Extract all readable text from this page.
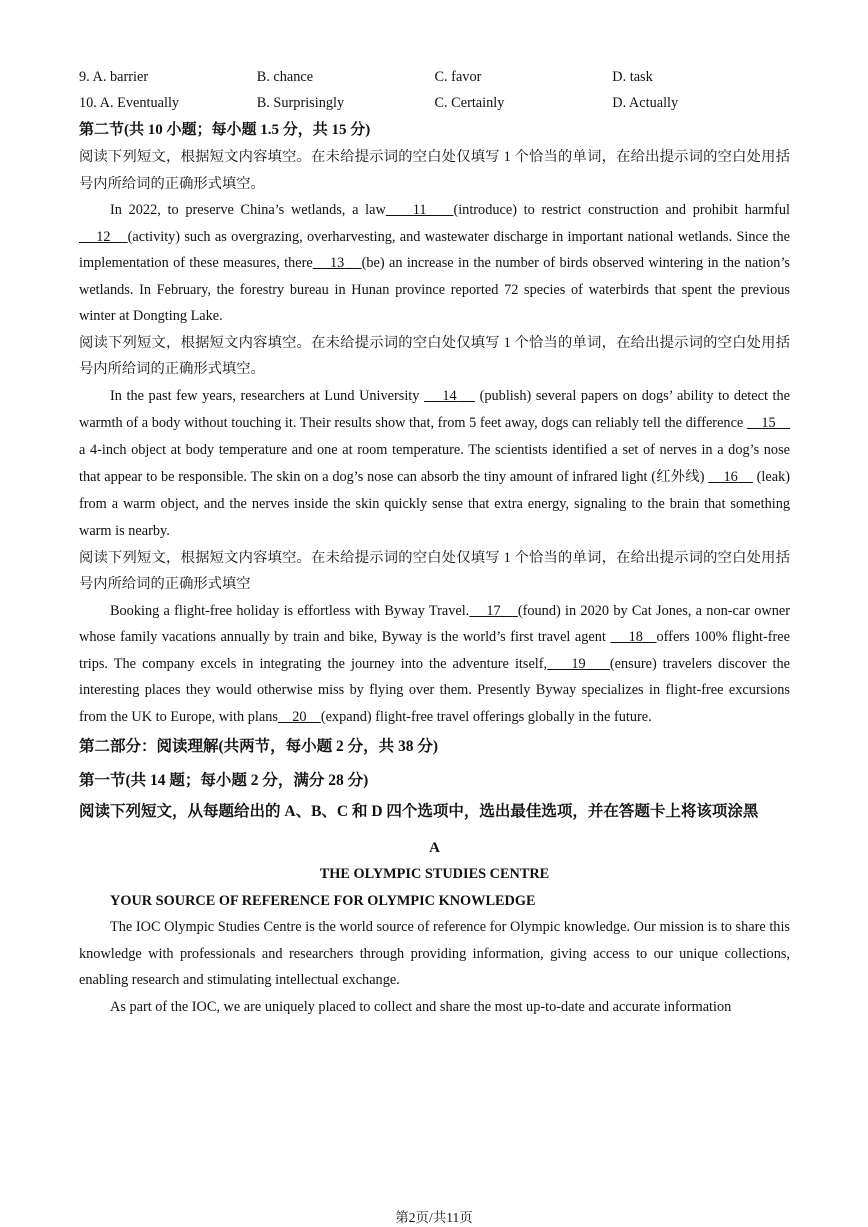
9. A. barrier	B. chance	C. favor	D. task
10. A. Eventually	B. Surprisingly	C. Certainly	D. Actually
第二节(共 10 小题；每小题 1.5 分，共 15 分)
阅读下列短文，根据短文内容填空。在未给提示词的空白处仅填写 1 个恰当的单词，在给出提示词的空白处用括号内所给词的正确形式填空。
In 2022, to preserve China’s wetlands, a law 11 (introduce) to restrict construction and prohibit harmful     12 (activity) such as overgrazing, overharvesting, and wastewater discharge in important national wetlands. Since the implementation of these measures, there 13 (be) an increase in the number of birds observed wintering in the nation’s wetlands. In February, the forestry bureau in Hunan province reported 72 species of waterbirds that spent the previous winter at Dongting Lake.
阅读下列短文，根据短文内容填空。在未给提示词的空白处仅填写 1 个恰当的单词，在给出提示词的空白处用括号内所给词的正确形式填空。
In the past few years, researchers at Lund University     14     (publish) several papers on dogs’ ability to detect the warmth of a body without touching it. Their results show that, from 5 feet away, dogs can reliably tell the difference     15     a 4-inch object at body temperature and one at room temperature. The scientists identified a set of nerves in a dog’s nose that appear to be responsible. The skin on a dog’s nose can absorb the tiny amount of infrared light (红外线)     16     (leak) from a warm object, and the nerves inside the skin quickly sense that extra energy, signaling to the brain that something warm is nearby.
阅读下列短文，根据短文内容填空。在未给提示词的空白处仅填写 1 个恰当的单词，在给出提示词的空白处用括号内所给词的正确形式填空
Booking a flight-free holiday is effortless with Byway Travel. 17 (found) in 2020 by Cat Jones, a non-car owner whose family vacations annually by train and bike, Byway is the world’s first travel agent     18 offers 100% flight-free trips. The company excels in integrating the journey into the adventure itself, 19 (ensure) travelers discover the interesting places they would otherwise miss by flying over them. Presently Byway specializes in flight-free excursions from the UK to Europe, with plans 20 (expand) flight-free travel offerings globally in the future.
第二部分：阅读理解(共两节，每小题 2 分，共 38 分)
第一节(共 14 题；每小题 2 分，满分 28 分)
阅读下列短文，从每题给出的 A、B、C 和 D 四个选项中，选出最佳选项，并在答题卡上将该项涂黑
A
THE OLYMPIC STUDIES CENTRE
YOUR SOURCE OF REFERENCE FOR OLYMPIC KNOWLEDGE
The IOC Olympic Studies Centre is the world source of reference for Olympic knowledge. Our mission is to share this knowledge with professionals and researchers through providing information, giving access to our unique collections, enabling research and stimulating intellectual exchange.
As part of the IOC, we are uniquely placed to collect and share the most up-to-date and accurate information
第2页/共11页
